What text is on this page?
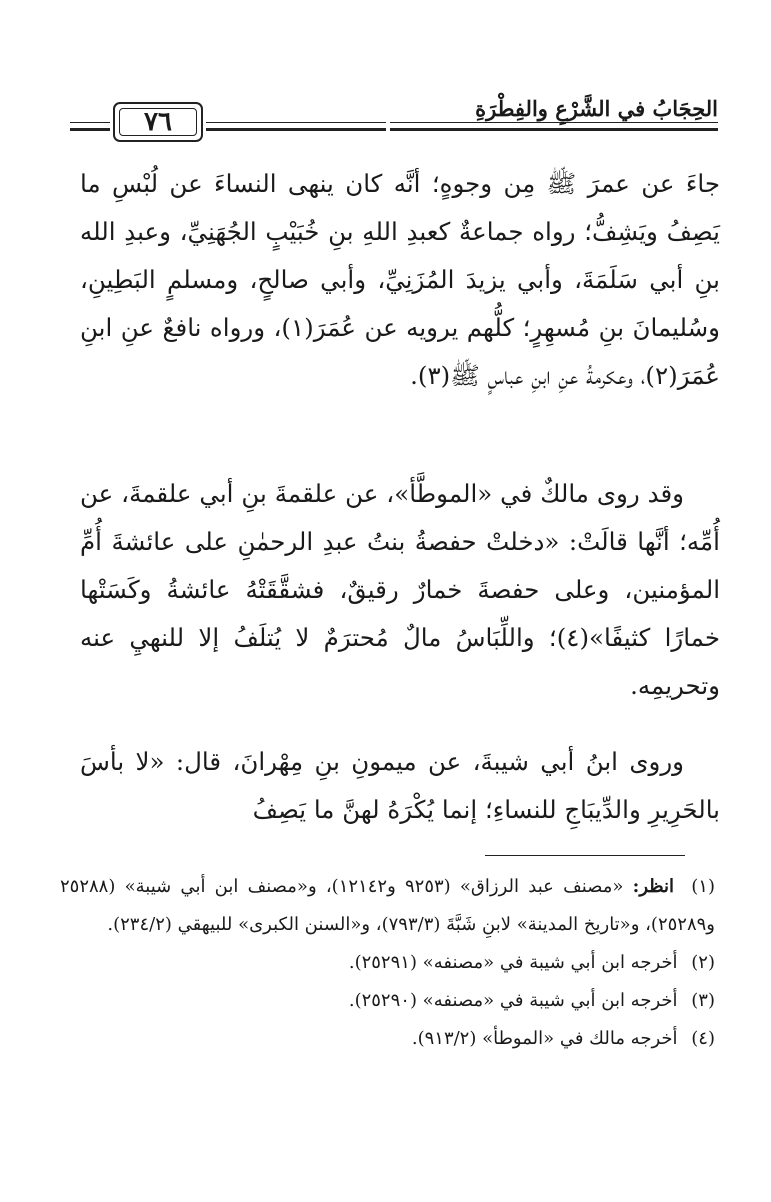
٧٦	الحِجَابُ في الشَّرْعِ والفِطْرَةِ
جاءَ عن عمرَ ﷺ مِن وجوهٍ؛ أنَّه كان ينهى النساءَ عن لُبْسِ ما يَصِفُ ويَشِفُّ؛ رواه جماعةٌ كعبدِ اللهِ بنِ خُبَيْبٍ الجُهَنِيِّ، وعبدِ الله بنِ أبي سَلَمَةَ، وأبي يزيدَ المُزَنِيِّ، وأبي صالحٍ، ومسلمٍ البَطِينِ، وسُليمانَ بنِ مُسهِرٍ؛ كلُّهم يرويه عن عُمَرَ(١)، ورواه نافعٌ عنِ ابنِ عُمَرَ(٢)، وعكرمةُ عنِ ابنِ عباسٍ ﷺ(٣).
وقد روى مالكٌ في «الموطَّأ»، عن علقمةَ بنِ أبي علقمةَ، عن أُمِّه؛ أنَّها قالَتْ: «دخلتْ حفصةُ بنتُ عبدِ الرحمٰنِ على عائشةَ أُمِّ المؤمنين، وعلى حفصةَ خمارٌ رقيقٌ، فشقَّقَتْهُ عائشةُ وكَسَتْها خمارًا كثيفًا»(٤)؛ واللِّبَاسُ مالٌ مُحترَمٌ لا يُتلَفُ إلا للنهيِ عنه وتحريمِه.
وروى ابنُ أبي شيبةَ، عن ميمونِ بنِ مِهْرانَ، قال: «لا بأسَ بالحَرِيرِ والدِّيبَاجِ للنساءِ؛ إنما يُكْرَهُ لهنَّ ما يَصِفُ
(١) انظر: «مصنف عبد الرزاق» (٩٢٥٣ و١٢١٤٢)، و«مصنف ابن أبي شيبة» (٢٥٢٨٨ و٢٥٢٨٩)، و«تاريخ المدينة» لابنِ شَبَّةَ (٧٩٣/٣)، و«السنن الكبرى» للبيهقي (٢٣٤/٢).
(٢) أخرجه ابن أبي شيبة في «مصنفه» (٢٥٢٩١).
(٣) أخرجه ابن أبي شيبة في «مصنفه» (٢٥٢٩٠).
(٤) أخرجه مالك في «الموطأ» (٩١٣/٢).
